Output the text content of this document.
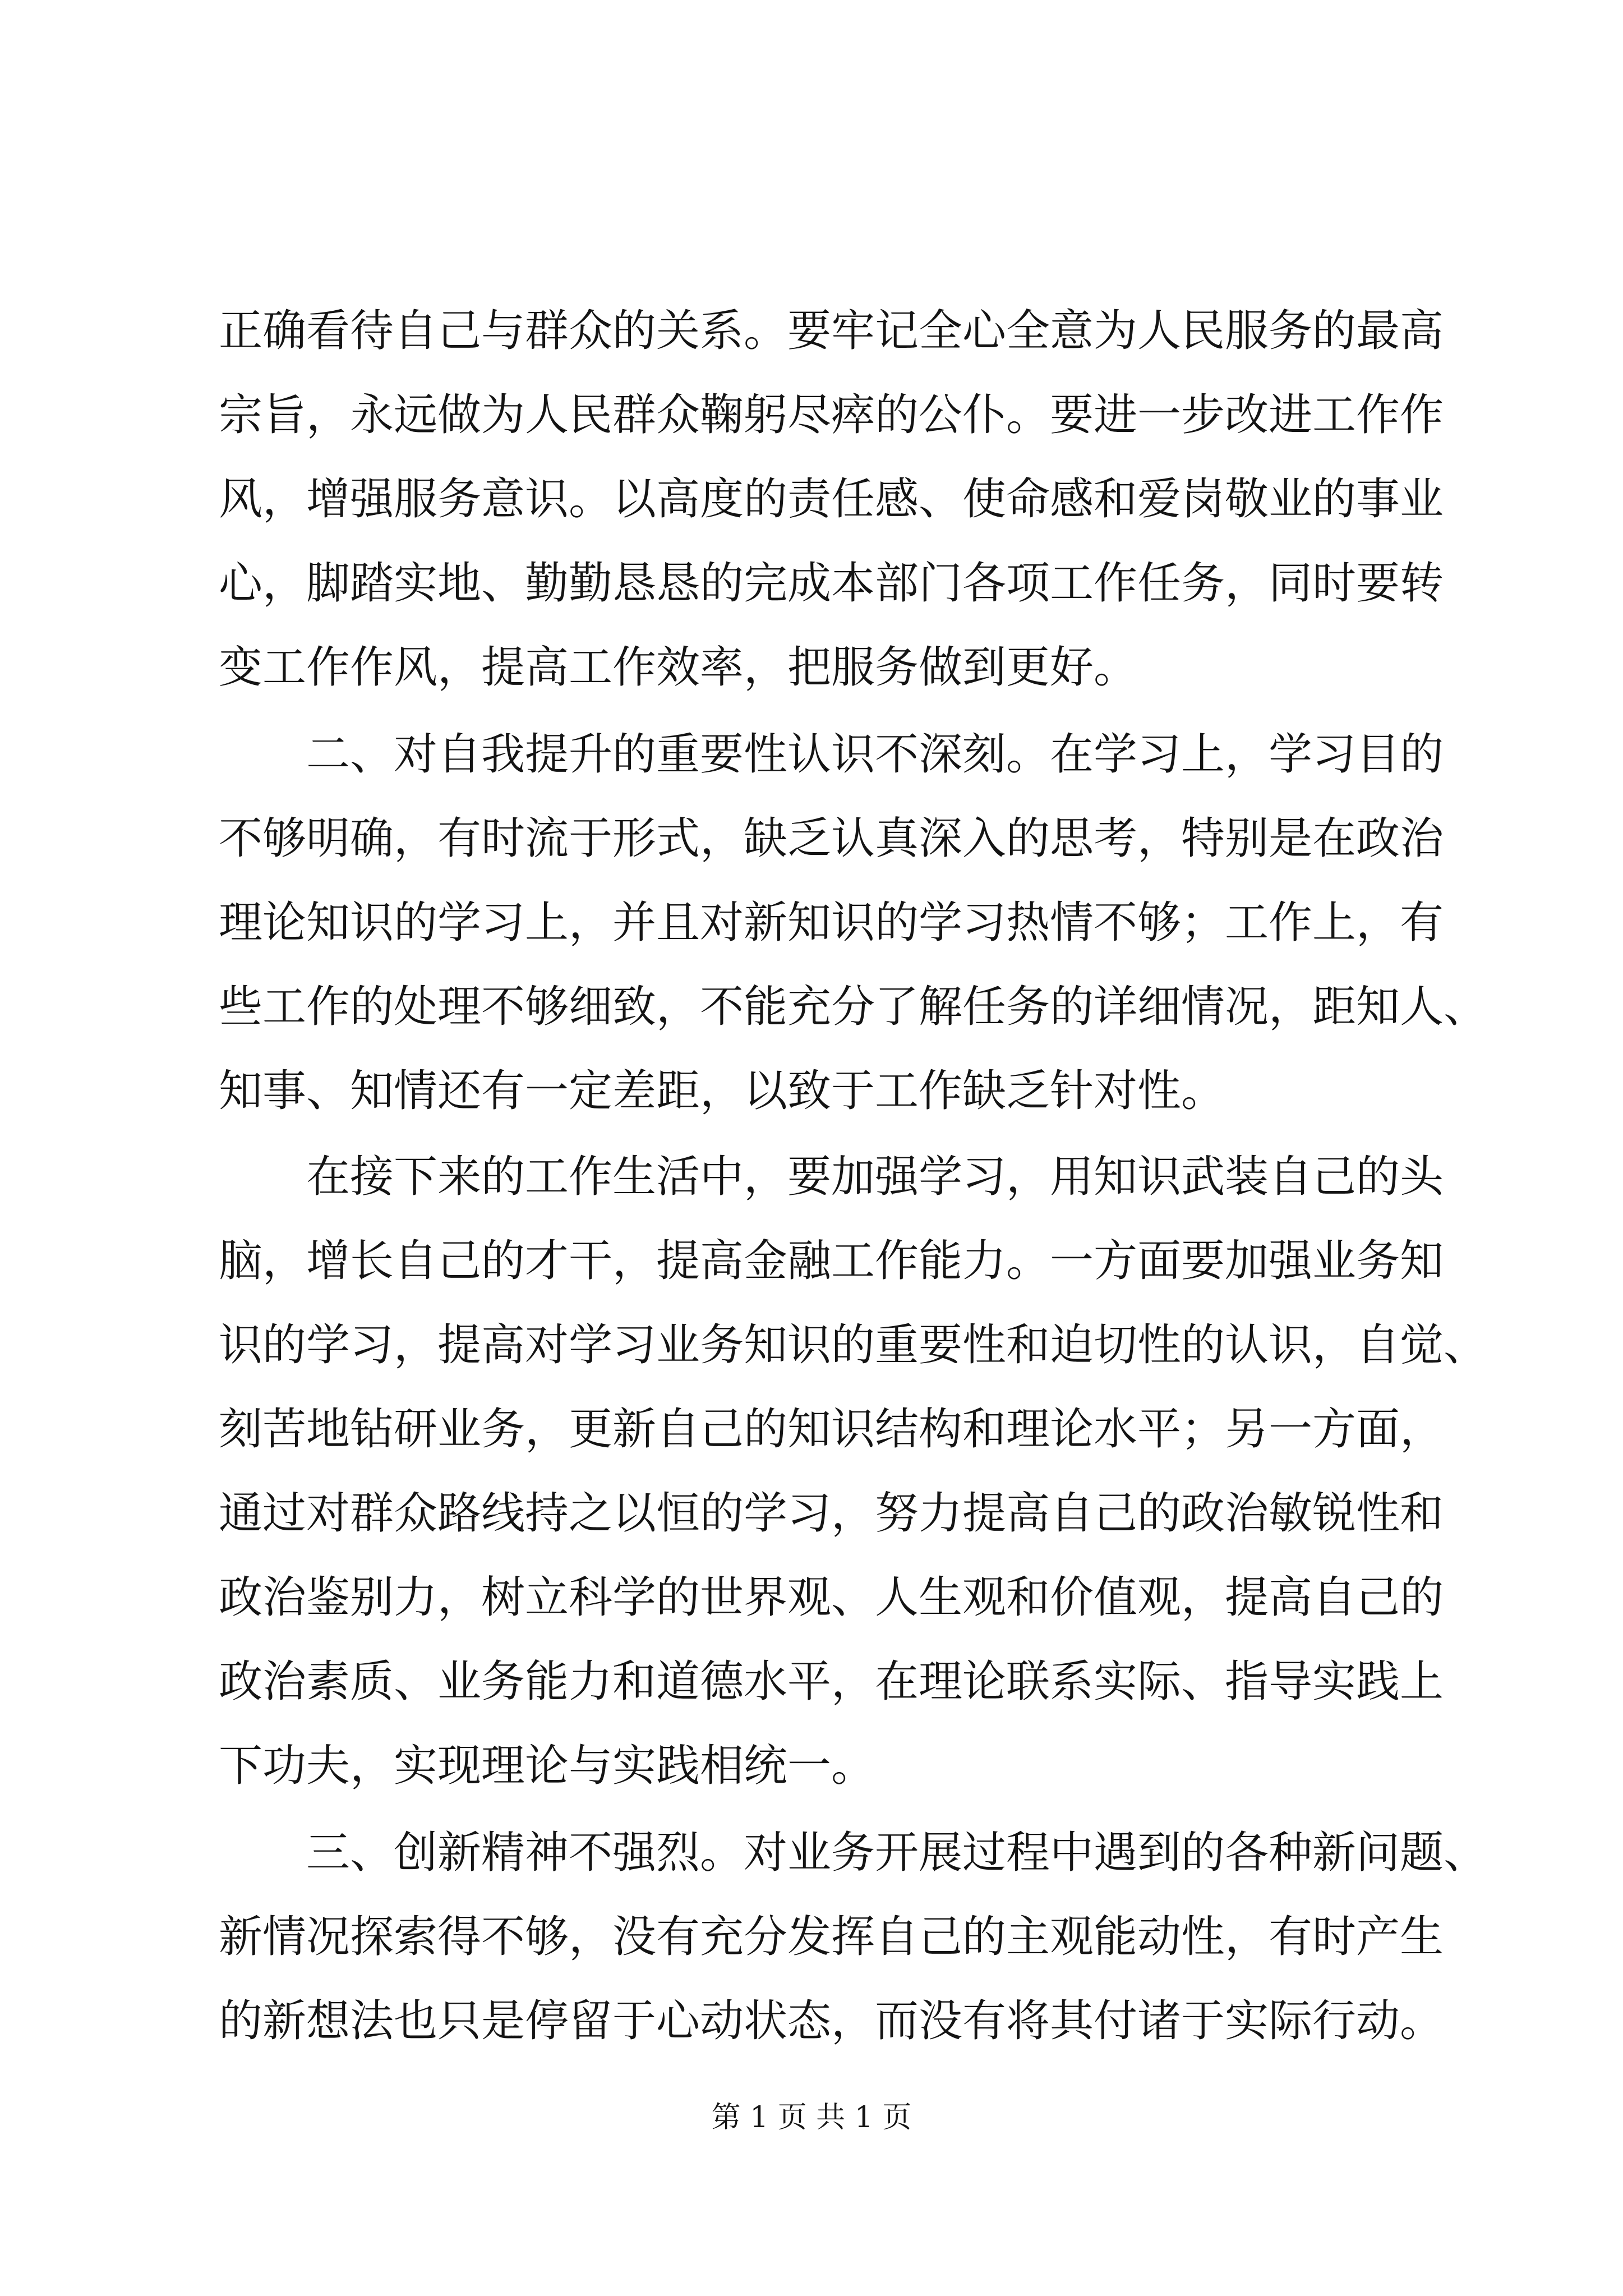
正确看待自己与群众的关系。要牢记全心全意为人民服务的最高

宗旨，永远做为人民群众鞠躬尽瘁的公仆。要进一步改进工作作

风，增强服务意识。以高度的责任感、使命感和爱岗敬业的事业

心，脚踏实地、勤勤恳恳的完成本部门各项工作任务，同时要转

变工作作风，提高工作效率，把服务做到更好。

二、对自我提升的重要性认识不深刻。在学习上，学习目的

不够明确，有时流于形式，缺乏认真深入的思考，特别是在政治

理论知识的学习上，并且对新知识的学习热情不够；工作上，有

些工作的处理不够细致，不能充分了解任务的详细情况，距知人、

知事、知情还有一定差距，以致于工作缺乏针对性。

在接下来的工作生活中，要加强学习，用知识武装自己的头

脑，增长自己的才干，提高金融工作能力。一方面要加强业务知

识的学习，提高对学习业务知识的重要性和迫切性的认识，自觉、

刻苦地钻研业务，更新自己的知识结构和理论水平；另一方面，

通过对群众路线持之以恒的学习，努力提高自己的政治敏锐性和

政治鉴别力，树立科学的世界观、人生观和价值观，提高自己的

政治素质、业务能力和道德水平，在理论联系实际、指导实践上

下功夫，实现理论与实践相统一。

三、创新精神不强烈。对业务开展过程中遇到的各种新问题、

新情况探索得不够，没有充分发挥自己的主观能动性，有时产生

的新想法也只是停留于心动状态，而没有将其付诸于实际行动。

第 1 页 共 1 页
